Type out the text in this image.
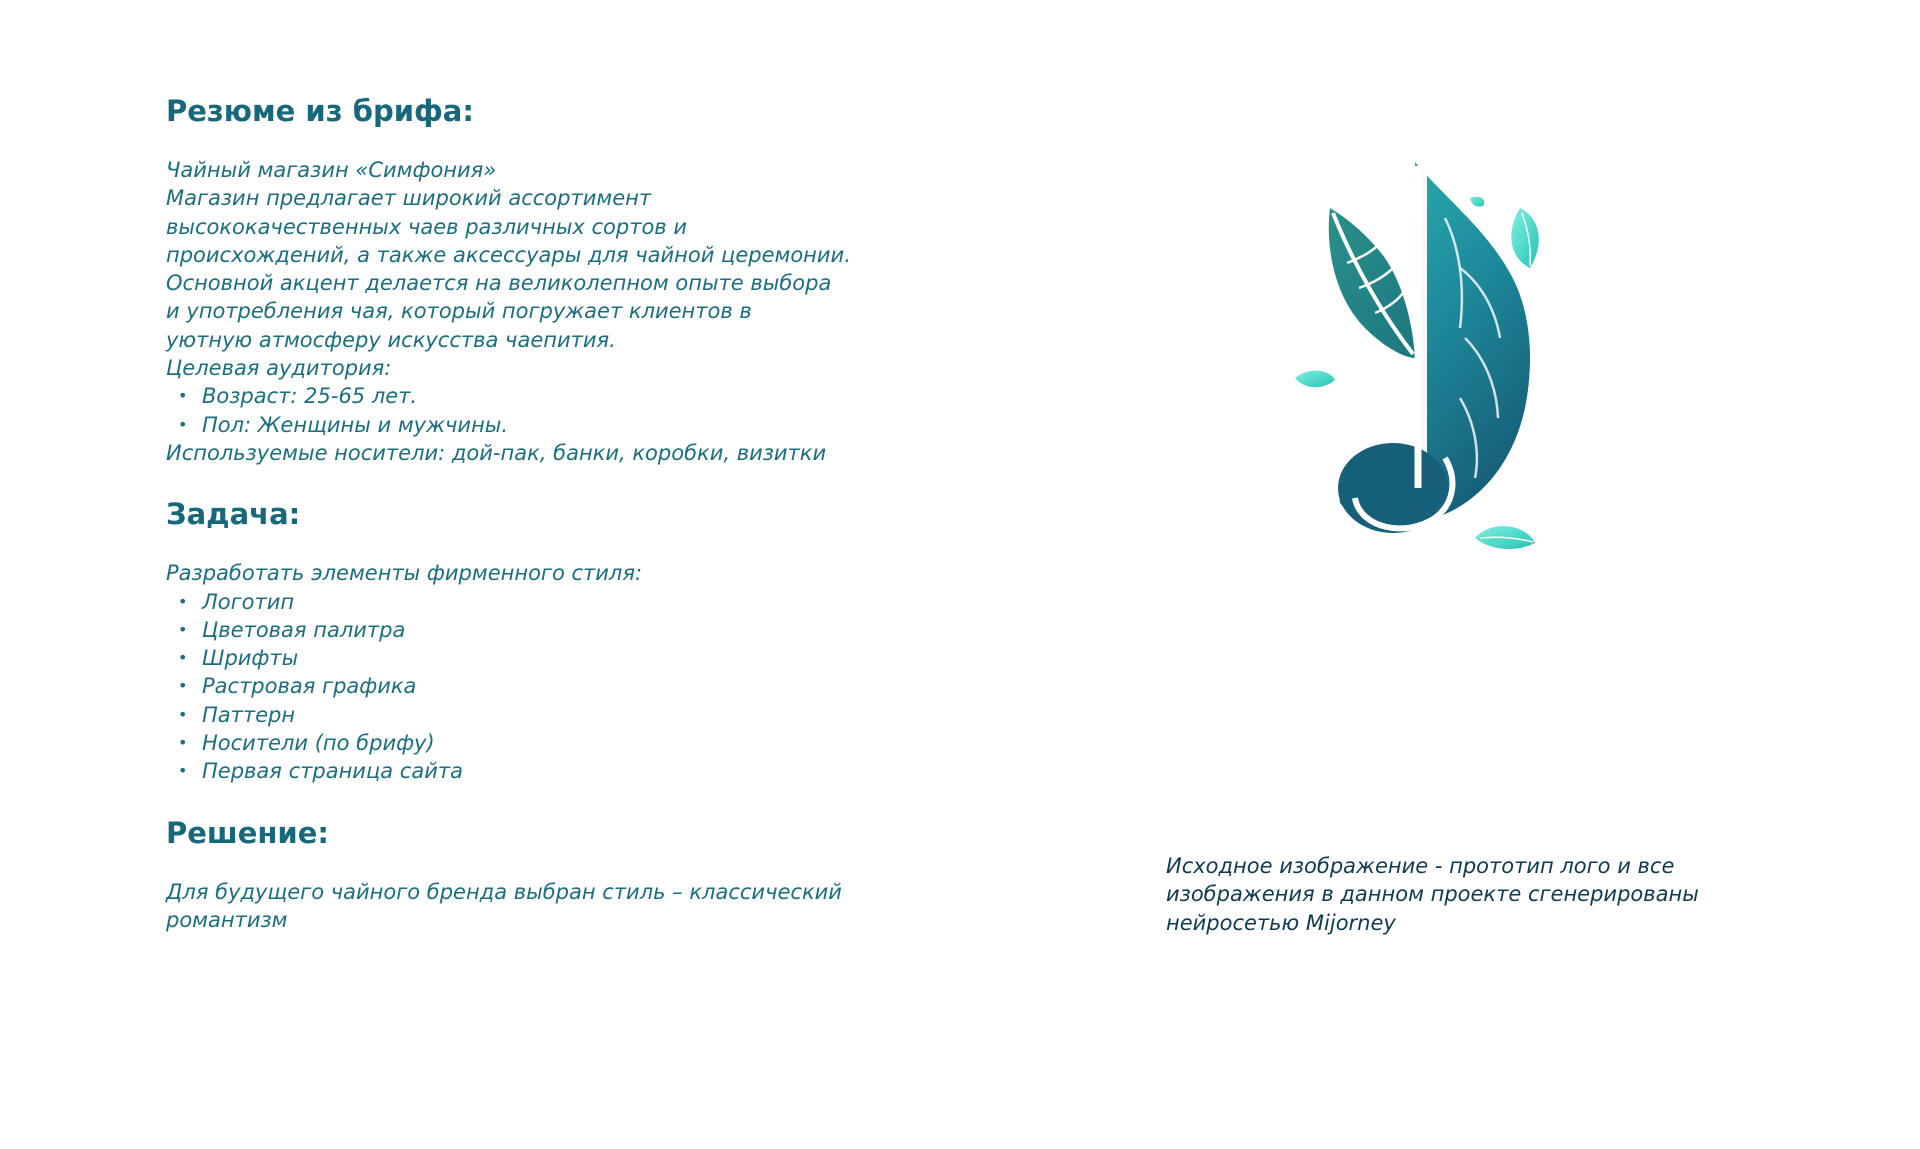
Резюме из брифа:
Чайный магазин «Симфония»
Магазин предлагает широкий ассортимент
высококачественных чаев различных сортов и
происхождений, а также аксессуары для чайной церемонии.
Основной акцент делается на великолепном опыте выбора
и употребления чая, который погружает клиентов в
уютную атмосферу искусства чаепития.
Целевая аудитория:
• Возраст: 25-65 лет.
• Пол: Женщины и мужчины.
Используемые носители: дой-пак, банки, коробки, визитки
Задача:
Разработать элементы фирменного стиля:
• Логотип
• Цветовая палитра
• Шрифты
• Растровая графика
• Паттерн
• Носители (по брифу)
• Первая страница сайта
Решение:
Для будущего чайного бренда выбран стиль – классический
романтизм
Исходное изображение - прототип лого и все
изображения в данном проекте сгенерированы
нейросетью Mijorney
